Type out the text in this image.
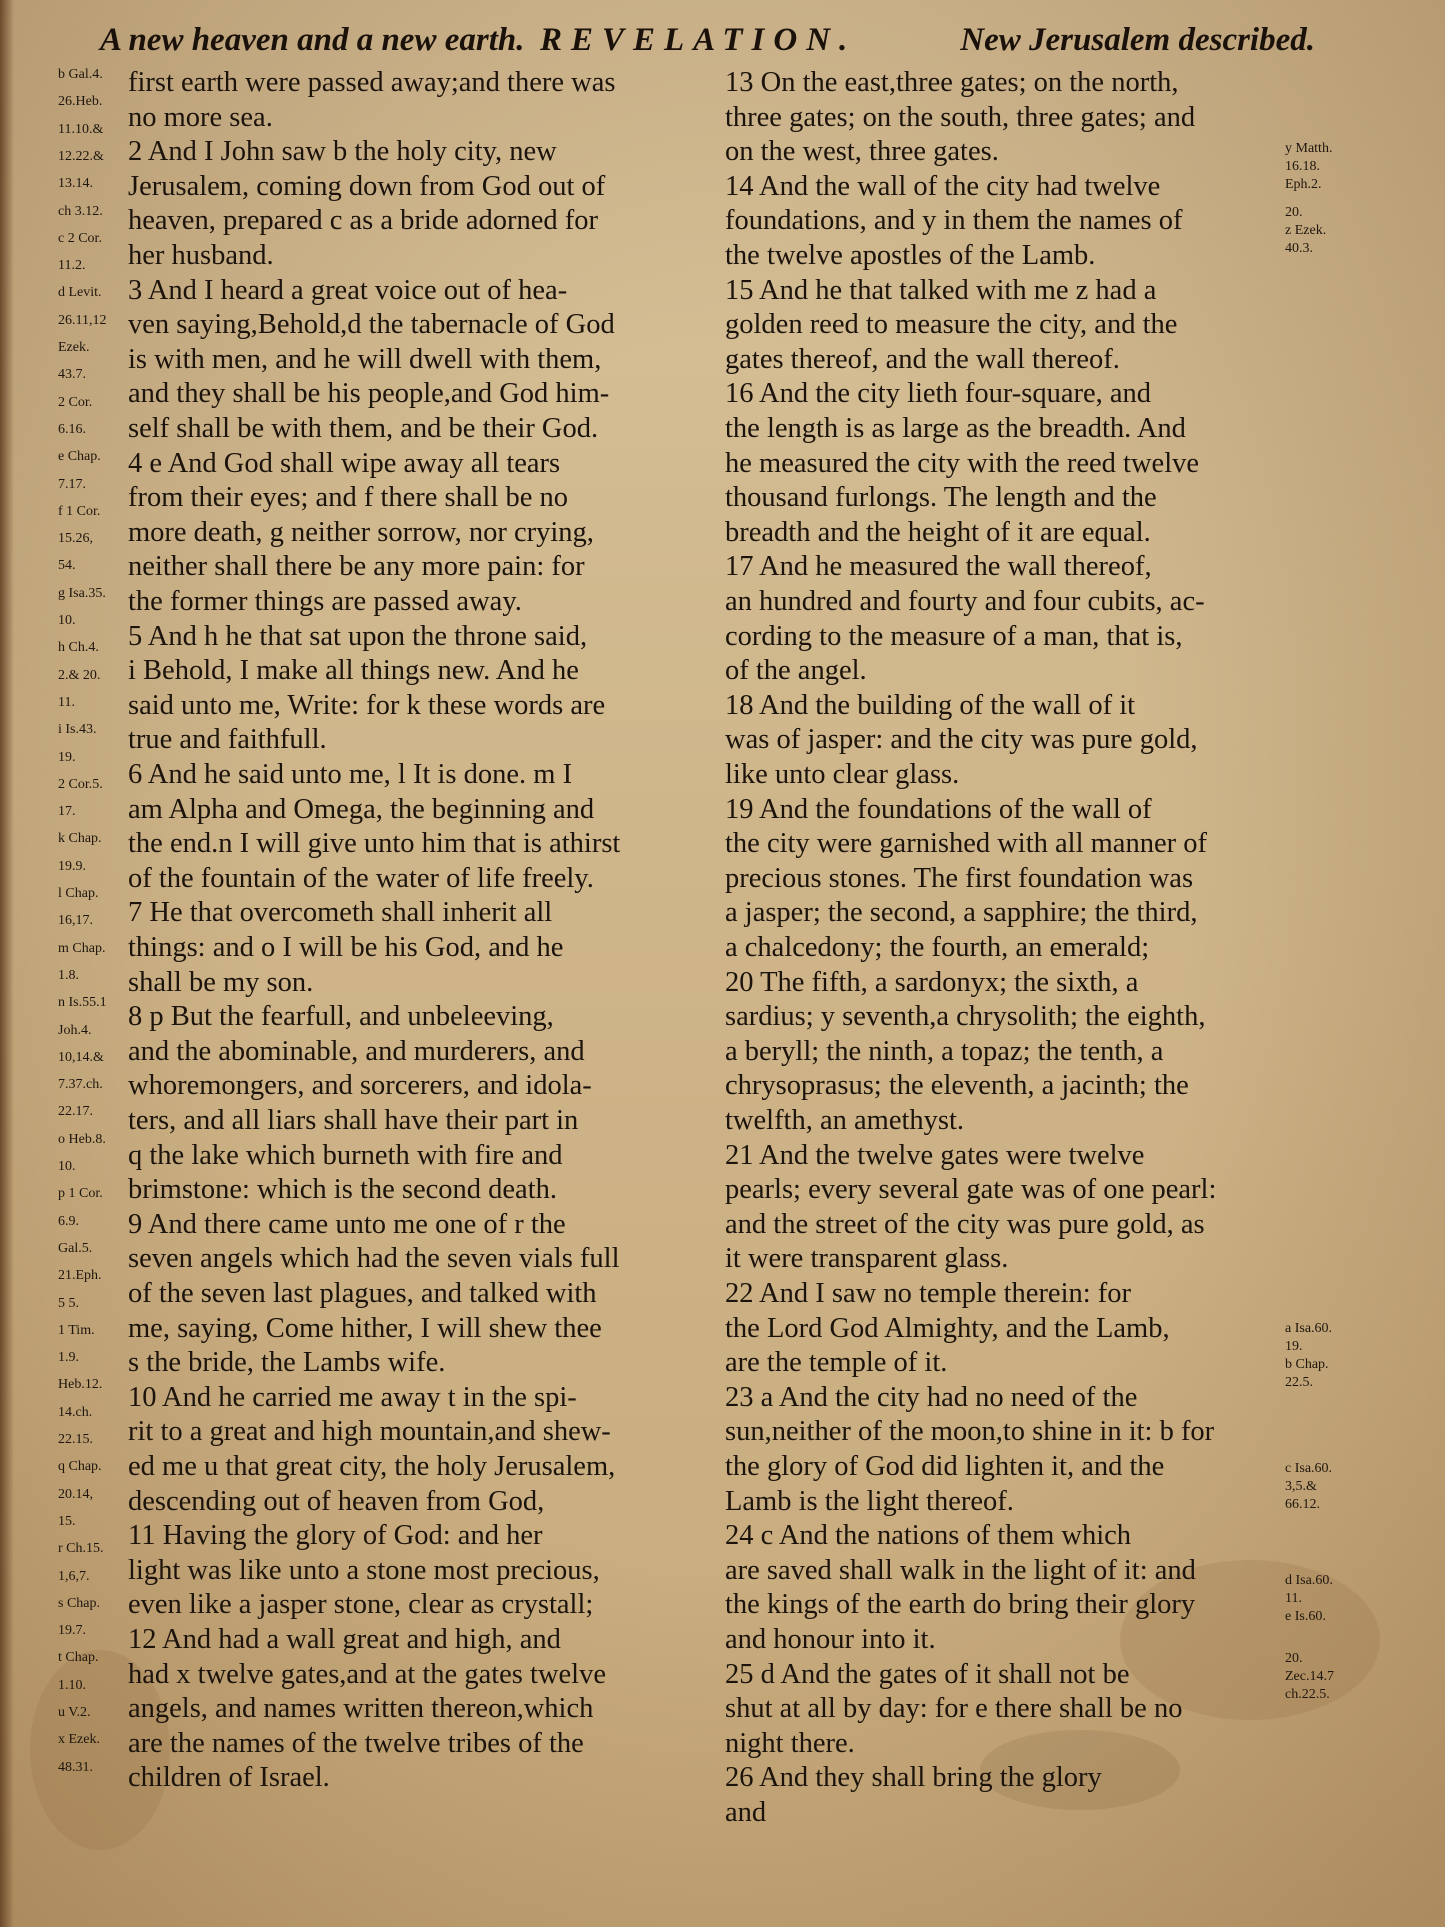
A new heaven and a new earth. REVELATION.	New Jerusalem described.
b Gal.4.
26.Heb.
11.10.&
12.22.&
13.14.
ch 3.12.
c 2 Cor.
11.2.
d Levit.
26.11,12
Ezek.
43.7.
2 Cor.
6.16.
e Chap.
7.17.
f 1 Cor.
15.26,
54.
g Isa.35.
10.
h Ch.4.
2.& 20.
11.
i Is.43.
19.
2 Cor.5.
17.
k Chap.
19.9.
l Chap.
16,17.
m Chap.
1.8.
n Is.55.1
Joh.4.
10,14.&
7.37.ch.
22.17.
o Heb.8.
10.
p 1 Cor.
6.9.
Gal.5.
21.Eph.
5 5.
1 Tim.
1.9.
Heb.12.
14.ch.
22.15.
q Chap.
20.14,
15.
r Ch.15.
1,6,7.
s Chap.
19.7.
t Chap.
1.10.
u V.2.
x Ezek.
48.31.
first earth were passed away;and there was
no more sea.
2 And I John saw b the holy city, new
Jerusalem, coming down from God out of
heaven, prepared c as a bride adorned for
her husband.
3 And I heard a great voice out of hea-
ven saying,Behold,d the tabernacle of God
is with men, and he will dwell with them,
and they shall be his people,and God him-
self shall be with them, and be their God.
4 e And God shall wipe away all tears
from their eyes; and f there shall be no
more death, g neither sorrow, nor crying,
neither shall there be any more pain: for
the former things are passed away.
5 And h he that sat upon the throne said,
i Behold, I make all things new. And he
said unto me, Write: for k these words are
true and faithfull.
6 And he said unto me, l It is done. m I
am Alpha and Omega, the beginning and
the end.n I will give unto him that is athirst
of the fountain of the water of life freely.
7 He that overcometh shall inherit all
things: and o I will be his God, and he
shall be my son.
8 p But the fearfull, and unbeleeving,
and the abominable, and murderers, and
whoremongers, and sorcerers, and idola-
ters, and all liars shall have their part in
q the lake which burneth with fire and
brimstone: which is the second death.
9 And there came unto me one of r the
seven angels which had the seven vials full
of the seven last plagues, and talked with
me, saying, Come hither, I will shew thee
s the bride, the Lambs wife.
10 And he carried me away t in the spi-
rit to a great and high mountain,and shew-
ed me u that great city, the holy Jerusalem,
descending out of heaven from God,
11 Having the glory of God: and her
light was like unto a stone most precious,
even like a jasper stone, clear as crystall;
12 And had a wall great and high, and
had x twelve gates,and at the gates twelve
angels, and names written thereon,which
are the names of the twelve tribes of the
children of Israel.
13 On the east,three gates; on the north,
three gates; on the south, three gates; and
on the west, three gates.
14 And the wall of the city had twelve
foundations, and y in them the names of
the twelve apostles of the Lamb.
15 And he that talked with me z had a
golden reed to measure the city, and the
gates thereof, and the wall thereof.
16 And the city lieth four-square, and
the length is as large as the breadth. And
he measured the city with the reed twelve
thousand furlongs. The length and the
breadth and the height of it are equal.
17 And he measured the wall thereof,
an hundred and fourty and four cubits, ac-
cording to the measure of a man, that is,
of the angel.
18 And the building of the wall of it
was of jasper: and the city was pure gold,
like unto clear glass.
19 And the foundations of the wall of
the city were garnished with all manner of
precious stones. The first foundation was
a jasper; the second, a sapphire; the third,
a chalcedony; the fourth, an emerald;
20 The fifth, a sardonyx; the sixth, a
sardius; y seventh,a chrysolith; the eighth,
a beryll; the ninth, a topaz; the tenth, a
chrysoprasus; the eleventh, a jacinth; the
twelfth, an amethyst.
21 And the twelve gates were twelve
pearls; every several gate was of one pearl:
and the street of the city was pure gold, as
it were transparent glass.
22 And I saw no temple therein: for
the Lord God Almighty, and the Lamb,
are the temple of it.
23 a And the city had no need of the
sun,neither of the moon,to shine in it: b for
the glory of God did lighten it, and the
Lamb is the light thereof.
24 c And the nations of them which
are saved shall walk in the light of it: and
the kings of the earth do bring their glory
and honour into it.
25 d And the gates of it shall not be
shut at all by day: for e there shall be no
night there.
26 And they shall bring the glory
and
y Matth.
16.18.
Eph.2.
20.
z Ezek.
40.3.
a Isa.60.
19.
b Chap.
22.5.
c Isa.60.
3,5.&
66.12.
d Isa.60.
11.
e Is.60.
20.
Zec.14.7
ch.22.5.
